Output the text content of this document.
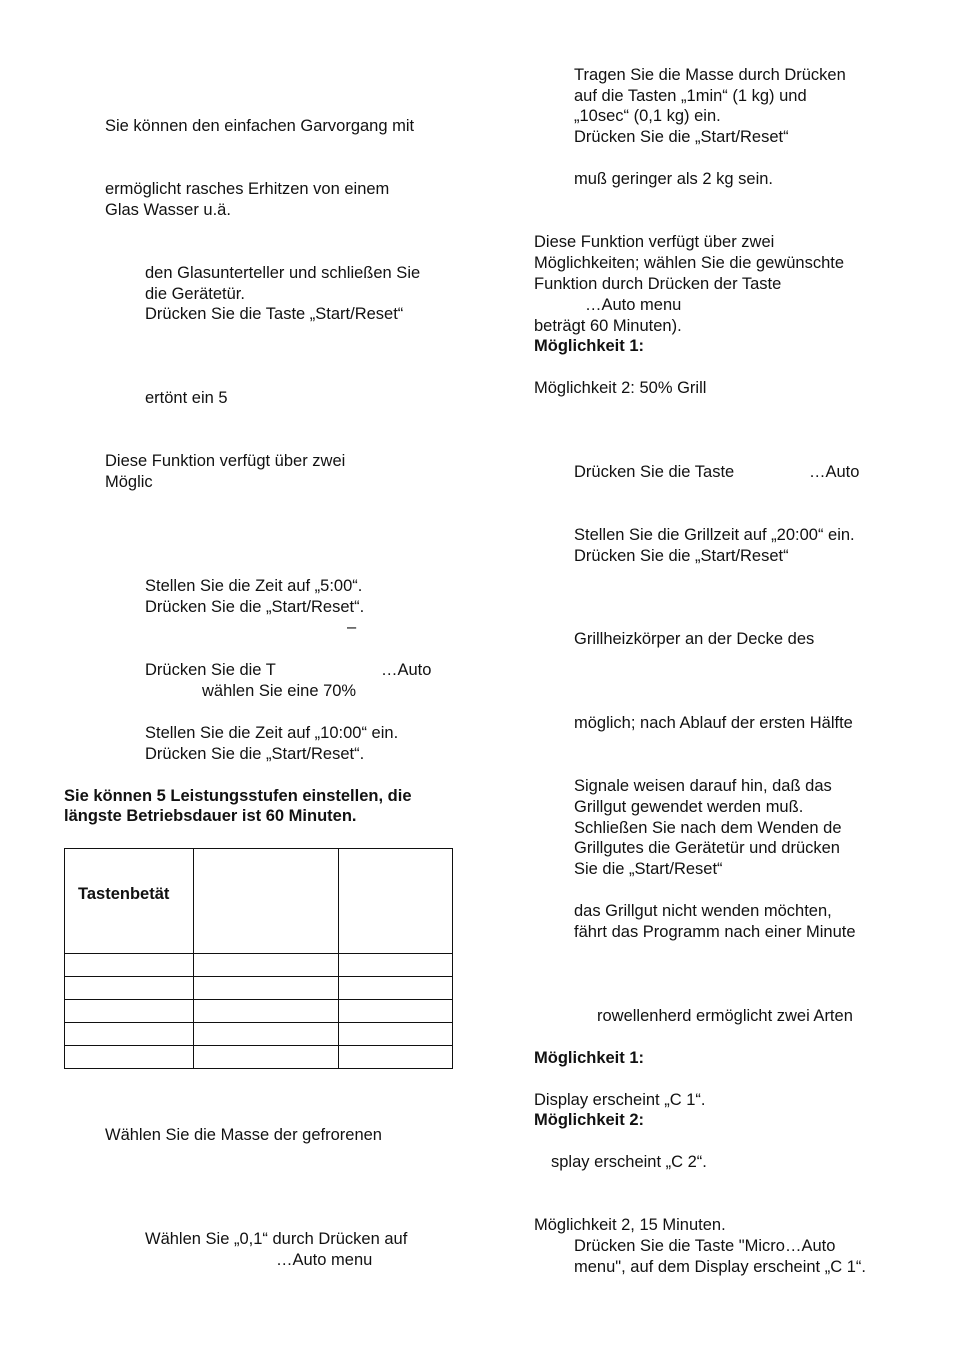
Sie können den einfachen Garvorgang mit

ermöglicht rasches Erhitzen von einem

Glas Wasser u.ä.

den Glasunterteller und schließen Sie

die Gerätetür.

Drücken Sie die Taste „Start/Reset“

ertönt ein 5

Diese Funktion verfügt über zwei

Möglic

Stellen Sie die Zeit auf „5:00“.

Drücken Sie die „Start/Reset“.

–

Drücken Sie die T	…Auto

wählen Sie eine 70%

Stellen Sie die Zeit auf „10:00“ ein.

Drücken Sie die „Start/Reset“.

Sie können 5 Leistungsstufen einstellen, die

längste Betriebsdauer ist 60 Minuten.

Tastenbetät		

Wählen Sie die Masse der gefrorenen

Wählen Sie „0,1“ durch Drücken auf

…Auto menu

Tragen Sie die Masse durch Drücken

auf die Tasten „1min“ (1 kg) und

„10sec“ (0,1 kg) ein.

Drücken Sie die „Start/Reset“

muß geringer als 2 kg sein.

Diese Funktion verfügt über zwei

Möglichkeiten; wählen Sie die gewünschte

Funktion durch Drücken der Taste

…Auto menu

beträgt 60 Minuten).

Möglichkeit 1:

Möglichkeit 2: 50% Grill

Drücken Sie die Taste	…Auto

Stellen Sie die Grillzeit auf „20:00“ ein.

Drücken Sie die „Start/Reset“

Grillheizkörper an der Decke des

möglich; nach Ablauf der ersten Hälfte

Signale weisen darauf hin, daß das

Grillgut gewendet werden muß.

Schließen Sie nach dem Wenden de

Grillgutes die Gerätetür und drücken

Sie die „Start/Reset“

das Grillgut nicht wenden möchten,

fährt das Programm nach einer Minute

rowellenherd ermöglicht zwei Arten

Möglichkeit 1:

Display erscheint „C 1“.

Möglichkeit 2:

splay erscheint „C 2“.

Möglichkeit 2, 15 Minuten.

Drücken Sie die Taste "Micro…Auto

menu", auf dem Display erscheint „C 1“.
